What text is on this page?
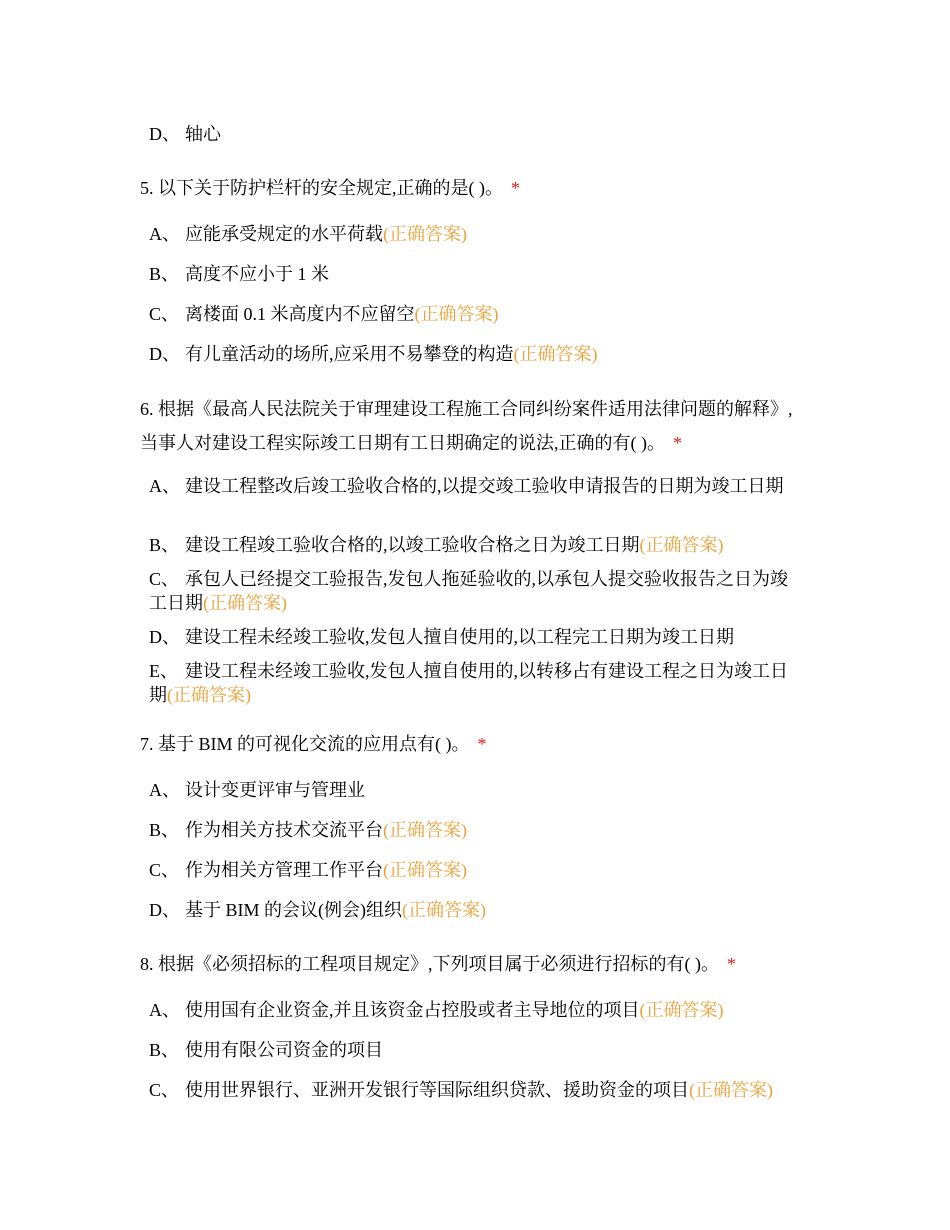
D、 轴心
5. 以下关于防护栏杆的安全规定,正确的是( )。 *
A、 应能承受规定的水平荷载(正确答案)
B、 高度不应小于 1 米
C、 离楼面 0.1 米高度内不应留空(正确答案)
D、 有儿童活动的场所,应采用不易攀登的构造(正确答案)
6. 根据《最高人民法院关于审理建设工程施工合同纠纷案件适用法律问题的解释》,当事人对建设工程实际竣工日期有工日期确定的说法,正确的有( )。 *
A、 建设工程整改后竣工验收合格的,以提交竣工验收申请报告的日期为竣工日期
B、 建设工程竣工验收合格的,以竣工验收合格之日为竣工日期(正确答案)
C、 承包人已经提交工验报告,发包人拖延验收的,以承包人提交验收报告之日为竣工日期(正确答案)
D、 建设工程未经竣工验收,发包人擅自使用的,以工程完工日期为竣工日期
E、 建设工程未经竣工验收,发包人擅自使用的,以转移占有建设工程之日为竣工日期(正确答案)
7. 基于 BIM 的可视化交流的应用点有( )。 *
A、 设计变更评审与管理业
B、 作为相关方技术交流平台(正确答案)
C、 作为相关方管理工作平台(正确答案)
D、 基于 BIM 的会议(例会)组织(正确答案)
8. 根据《必须招标的工程项目规定》,下列项目属于必须进行招标的有( )。 *
A、 使用国有企业资金,并且该资金占控股或者主导地位的项目(正确答案)
B、 使用有限公司资金的项目
C、 使用世界银行、亚洲开发银行等国际组织贷款、援助资金的项目(正确答案)
